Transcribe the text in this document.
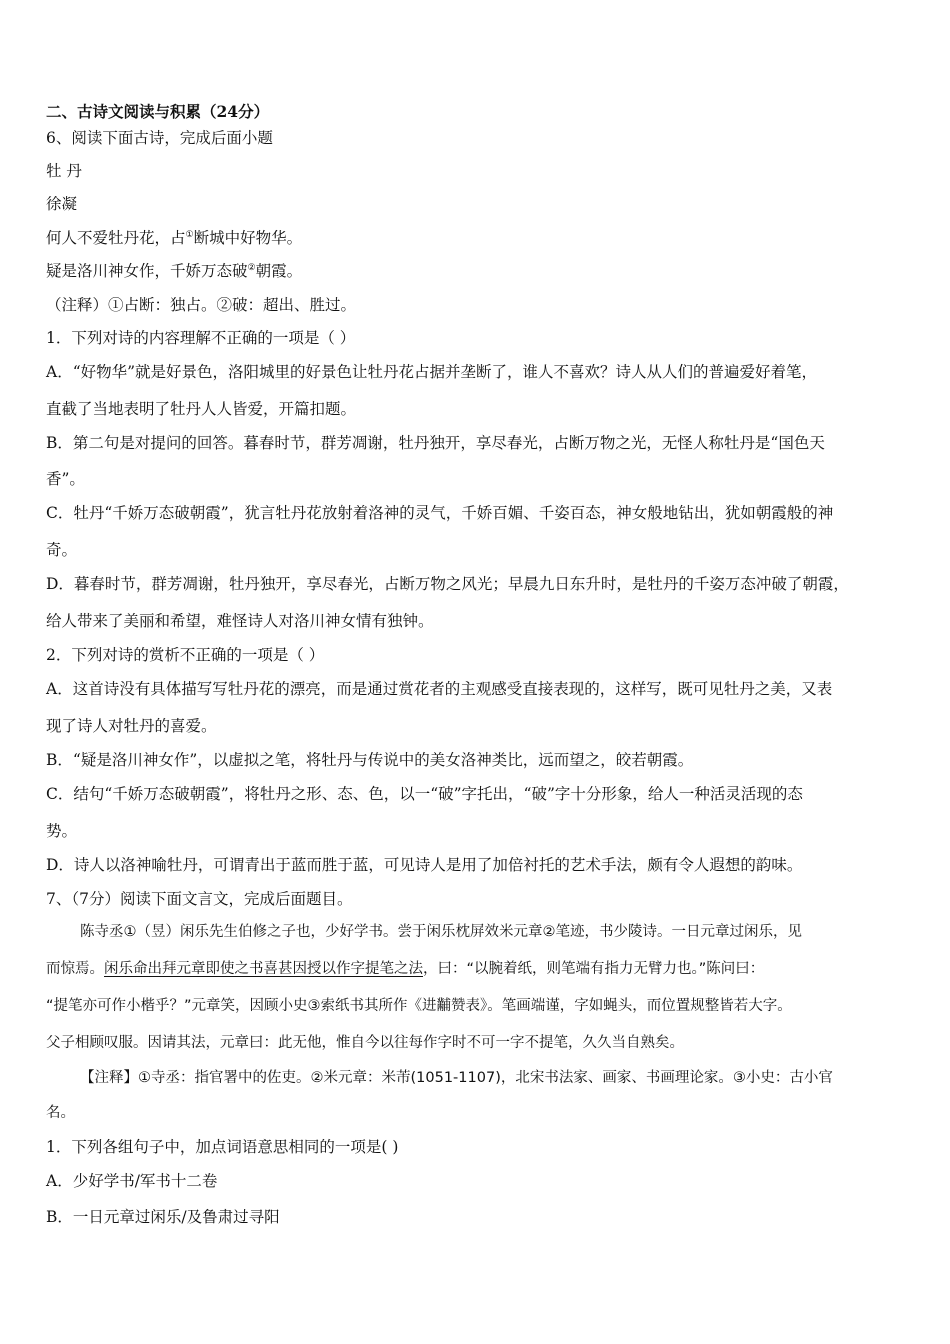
二、古诗文阅读与积累（24分）
6、阅读下面古诗，完成后面小题
牡 丹
徐凝
何人不爱牡丹花，占①断城中好物华。
疑是洛川神女作，千娇万态破②朝霞。
（注释）①占断：独占。②破：超出、胜过。
1．下列对诗的内容理解不正确的一项是（ ）
A．“好物华”就是好景色，洛阳城里的好景色让牡丹花占据并垄断了，谁人不喜欢？诗人从人们的普遍爱好着笔，
直截了当地表明了牡丹人人皆爱，开篇扣题。
B．第二句是对提问的回答。暮春时节，群芳凋谢，牡丹独开，享尽春光，占断万物之光，无怪人称牡丹是“国色天
香”。
C．牡丹“千娇万态破朝霞”，犹言牡丹花放射着洛神的灵气，千娇百媚、千姿百态，神女般地钻出，犹如朝霞般的神
奇。
D．暮春时节，群芳凋谢，牡丹独开，享尽春光，占断万物之风光；早晨九日东升时，是牡丹的千姿万态冲破了朝霞，
给人带来了美丽和希望，难怪诗人对洛川神女情有独钟。
2．下列对诗的赏析不正确的一项是（ ）
A．这首诗没有具体描写写牡丹花的漂亮，而是通过赏花者的主观感受直接表现的，这样写，既可见牡丹之美，又表
现了诗人对牡丹的喜爱。
B．“疑是洛川神女作”，以虚拟之笔，将牡丹与传说中的美女洛神类比，远而望之，皎若朝霞。
C．结句“千娇万态破朝霞”，将牡丹之形、态、色，以一“破”字托出，“破”字十分形象，给人一种活灵活现的态
势。
D．诗人以洛神喻牡丹，可谓青出于蓝而胜于蓝，可见诗人是用了加倍衬托的艺术手法，颇有令人遐想的韵味。
7、（7分）阅读下面文言文，完成后面题目。
陈寺丞①（昱）闲乐先生伯修之子也，少好学书。尝于闲乐枕屏效米元章②笔迹，书少陵诗。一日元章过闲乐，见
而惊焉。闲乐命出拜元章即使之书喜甚因授以作字提笔之法，曰：“以腕着纸，则笔端有指力无臂力也。”陈问曰：
“提笔亦可作小楷乎？”元章笑，因顾小史③索纸书其所作《进黼赞表》。笔画端谨，字如蝇头，而位置规整皆若大字。
父子相顾叹服。因请其法，元章曰：此无他，惟自今以往每作字时不可一字不提笔，久久当自熟矣。
【注释】①寺丞：指官署中的佐吏。②米元章：米芾(1051-1107)，北宋书法家、画家、书画理论家。③小史：古小官
名。
1．下列各组句子中，加点词语意思相同的一项是( )
A．少好学书/军书十二卷
B．一日元章过闲乐/及鲁肃过寻阳
